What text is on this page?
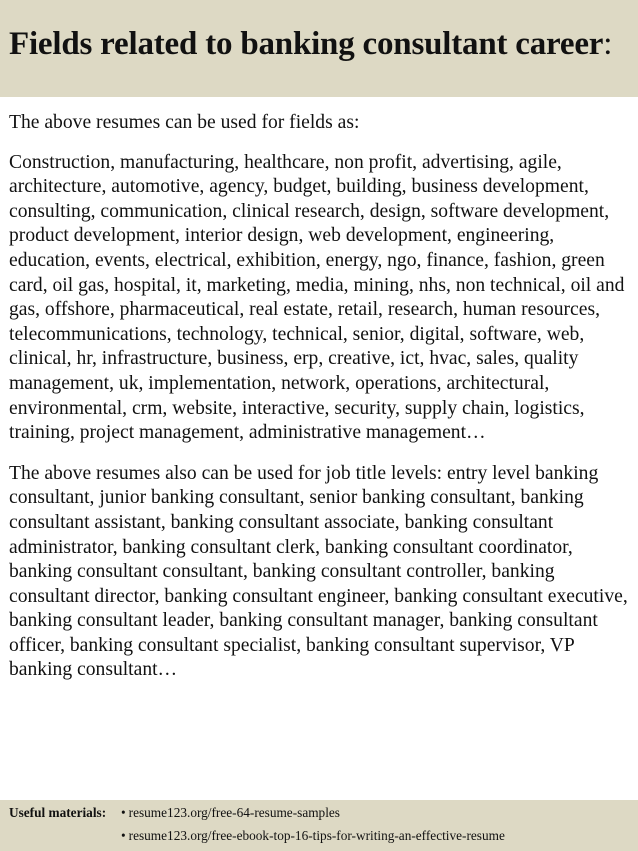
Fields related to banking consultant career:

The above resumes can be used for fields as:

Construction, manufacturing, healthcare, non profit, advertising, agile, architecture, automotive, agency, budget, building, business development, consulting, communication, clinical research, design, software development, product development, interior design, web development, engineering, education, events, electrical, exhibition, energy, ngo, finance, fashion, green card, oil gas, hospital, it, marketing, media, mining, nhs, non technical, oil and gas, offshore, pharmaceutical, real estate, retail, research, human resources, telecommunications, technology, technical, senior, digital, software, web, clinical, hr, infrastructure, business, erp, creative, ict, hvac, sales, quality management, uk, implementation, network, operations, architectural, environmental, crm, website, interactive, security, supply chain, logistics, training, project management, administrative management…

The above resumes also can be used for job title levels: entry level banking consultant, junior banking consultant, senior banking consultant, banking consultant assistant, banking consultant associate, banking consultant administrator, banking consultant clerk, banking consultant coordinator, banking consultant consultant, banking consultant controller, banking consultant director, banking consultant engineer, banking consultant executive, banking consultant leader, banking consultant manager, banking consultant officer, banking consultant specialist, banking consultant supervisor, VP banking consultant…

Useful materials: • resume123.org/free-64-resume-samples
• resume123.org/free-ebook-top-16-tips-for-writing-an-effective-resume
